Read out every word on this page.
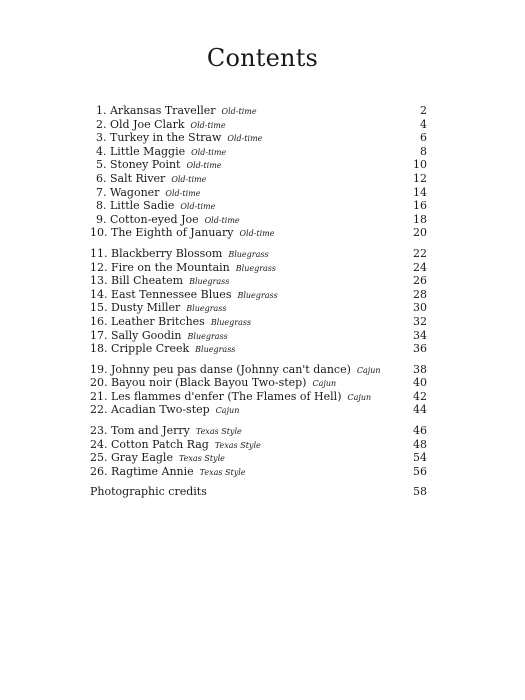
Contents
1. Arkansas Traveller Old-time	2
2. Old Joe Clark Old-time	4
3. Turkey in the Straw Old-time	6
4. Little Maggie Old-time	8
5. Stoney Point Old-time	10
6. Salt River Old-time	12
7. Wagoner Old-time	14
8. Little Sadie Old-time	16
9. Cotton-eyed Joe Old-time	18
10. The Eighth of January Old-time	20
11. Blackberry Blossom Bluegrass	22
12. Fire on the Mountain Bluegrass	24
13. Bill Cheatem Bluegrass	26
14. East Tennessee Blues Bluegrass	28
15. Dusty Miller Bluegrass	30
16. Leather Britches Bluegrass	32
17. Sally Goodin Bluegrass	34
18. Cripple Creek Bluegrass	36
19. Johnny peu pas danse (Johnny can't dance) Cajun	38
20. Bayou noir (Black Bayou Two-step) Cajun	40
21. Les flammes d'enfer (The Flames of Hell) Cajun	42
22. Acadian Two-step Cajun	44
23. Tom and Jerry Texas Style	46
24. Cotton Patch Rag Texas Style	48
25. Gray Eagle Texas Style	54
26. Ragtime Annie Texas Style	56
Photographic credits	58
